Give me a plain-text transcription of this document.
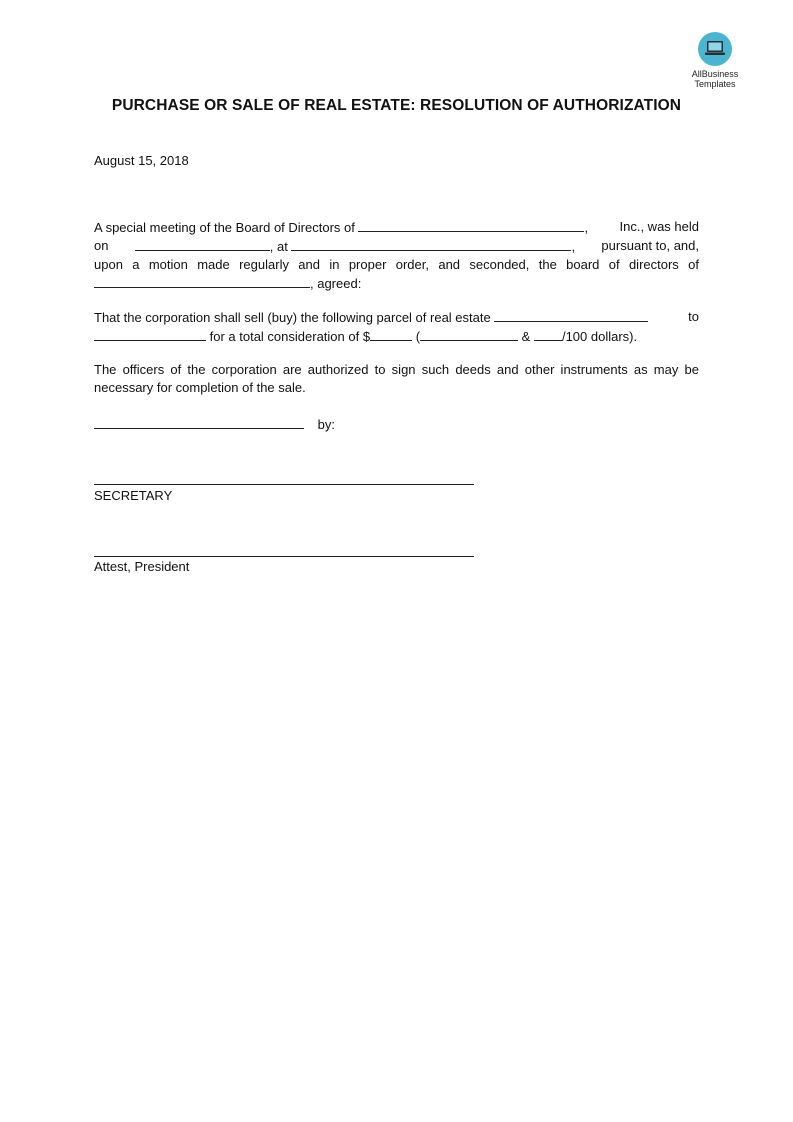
AllBusiness
Templates
PURCHASE OR SALE OF REAL ESTATE: RESOLUTION OF AUTHORIZATION
August 15, 2018
A special meeting of the Board of Directors of	, Inc., was held
on	, at	, pursuant to, and,
upon a motion made regularly and in proper order, and seconded, the board of directors of
, agreed:
That the corporation shall sell (buy) the following parcel of real estate	to
for a total consideration of $	(	& /100 dollars).
The officers of the corporation are authorized to sign such deeds and other instruments as may be
necessary for completion of the sale.
by:
SECRETARY
Attest, President
